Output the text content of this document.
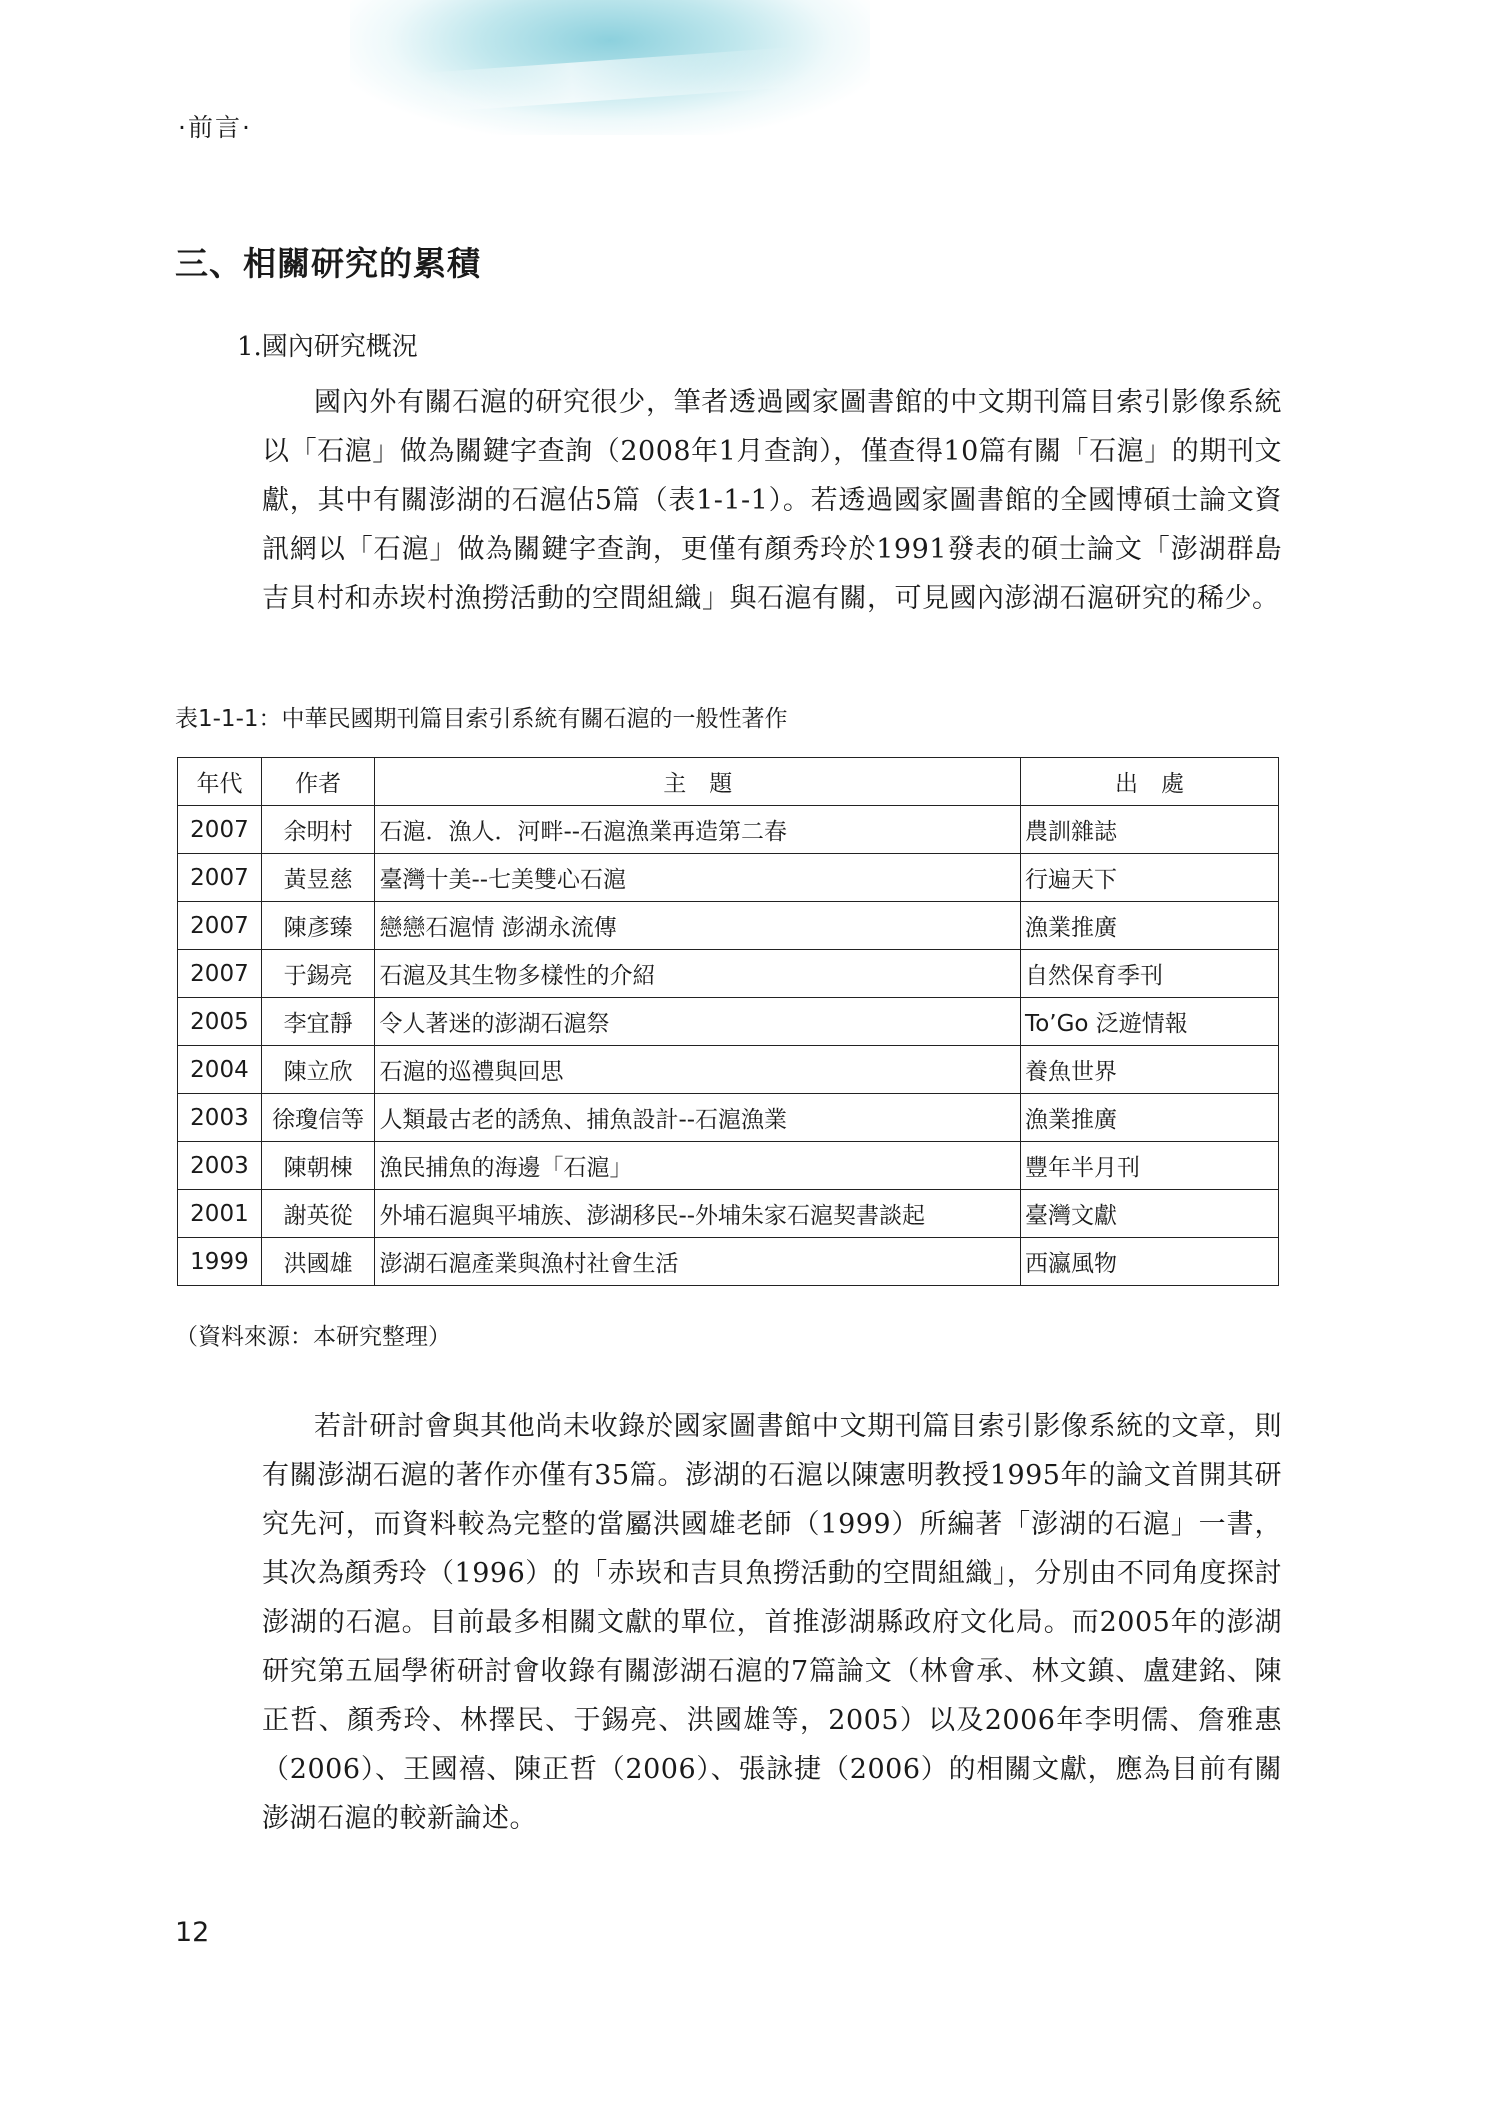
·前言·
三、相關研究的累積
1.國內研究概況

國內外有關石滬的研究很少，筆者透過國家圖書館的中文期刊篇目索引影像系統以「石滬」做為關鍵字查詢（2008年1月查詢），僅查得10篇有關「石滬」的期刊文獻，其中有關澎湖的石滬佔5篇（表1-1-1）。若透過國家圖書館的全國博碩士論文資訊網以「石滬」做為關鍵字查詢，更僅有顏秀玲於1991發表的碩士論文「澎湖群島吉貝村和赤崁村漁撈活動的空間組織」與石滬有關，可見國內澎湖石滬研究的稀少。

表1-1-1：中華民國期刊篇目索引系統有關石滬的一般性著作
年代	作者	主　題	出　處
2007	余明村	石滬．漁人．河畔--石滬漁業再造第二春	農訓雜誌
2007	黃昱慈	臺灣十美--七美雙心石滬	行遍天下
2007	陳彥臻	戀戀石滬情 澎湖永流傳	漁業推廣
2007	于錫亮	石滬及其生物多樣性的介紹	自然保育季刊
2005	李宜靜	令人著迷的澎湖石滬祭	To’Go 泛遊情報
2004	陳立欣	石滬的巡禮與回思	養魚世界
2003	徐瓊信等	人類最古老的誘魚、捕魚設計--石滬漁業	漁業推廣
2003	陳朝棟	漁民捕魚的海邊「石滬」	豐年半月刊
2001	謝英從	外埔石滬與平埔族、澎湖移民--外埔朱家石滬契書談起	臺灣文獻
1999	洪國雄	澎湖石滬產業與漁村社會生活	西瀛風物
（資料來源：本研究整理）

若計研討會與其他尚未收錄於國家圖書館中文期刊篇目索引影像系統的文章，則有關澎湖石滬的著作亦僅有35篇。澎湖的石滬以陳憲明教授1995年的論文首開其研究先河，而資料較為完整的當屬洪國雄老師（1999）所編著「澎湖的石滬」一書，其次為顏秀玲（1996）的「赤崁和吉貝魚撈活動的空間組織」，分別由不同角度探討澎湖的石滬。目前最多相關文獻的單位，首推澎湖縣政府文化局。而2005年的澎湖研究第五屆學術研討會收錄有關澎湖石滬的7篇論文（林會承、林文鎮、盧建銘、陳正哲、顏秀玲、林擇民、于錫亮、洪國雄等，2005）以及2006年李明儒、詹雅惠（2006）、王國禧、陳正哲（2006）、張詠捷（2006）的相關文獻，應為目前有關澎湖石滬的較新論述。

12
